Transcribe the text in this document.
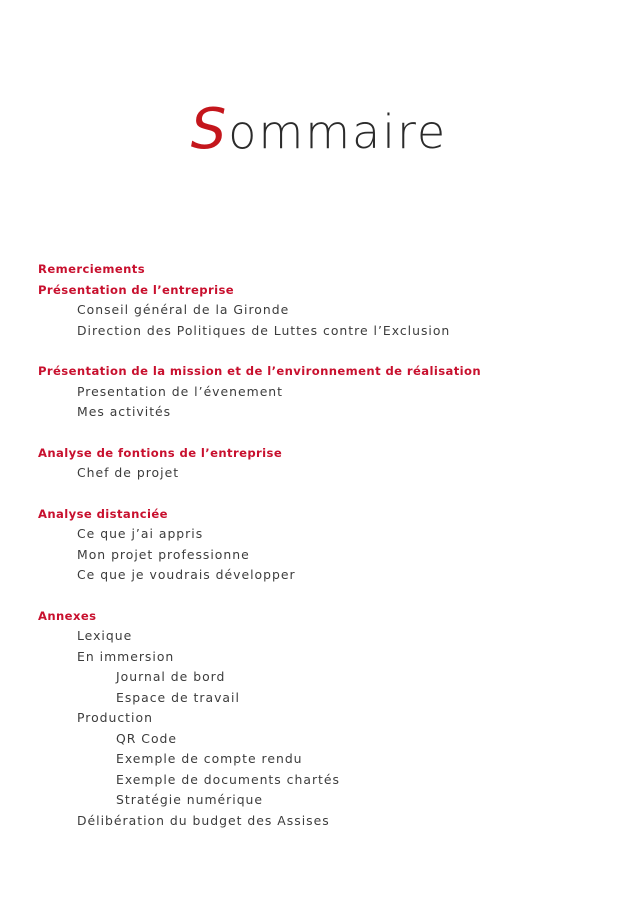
Sommaire
Remerciements
Présentation de l’entreprise
Conseil général de la Gironde
Direction des Politiques de Luttes contre l’Exclusion
Présentation de la mission et de l’environnement de réalisation
Presentation de l’évenement
Mes activités
Analyse de fontions de l’entreprise
Chef de projet
Analyse distanciée
Ce que j’ai appris
Mon projet professionne
Ce que je voudrais développer
Annexes
Lexique
En immersion
Journal de bord
Espace de travail
Production
QR Code
Exemple de compte rendu
Exemple de documents chartés
Stratégie numérique
Délibération du budget des Assises
